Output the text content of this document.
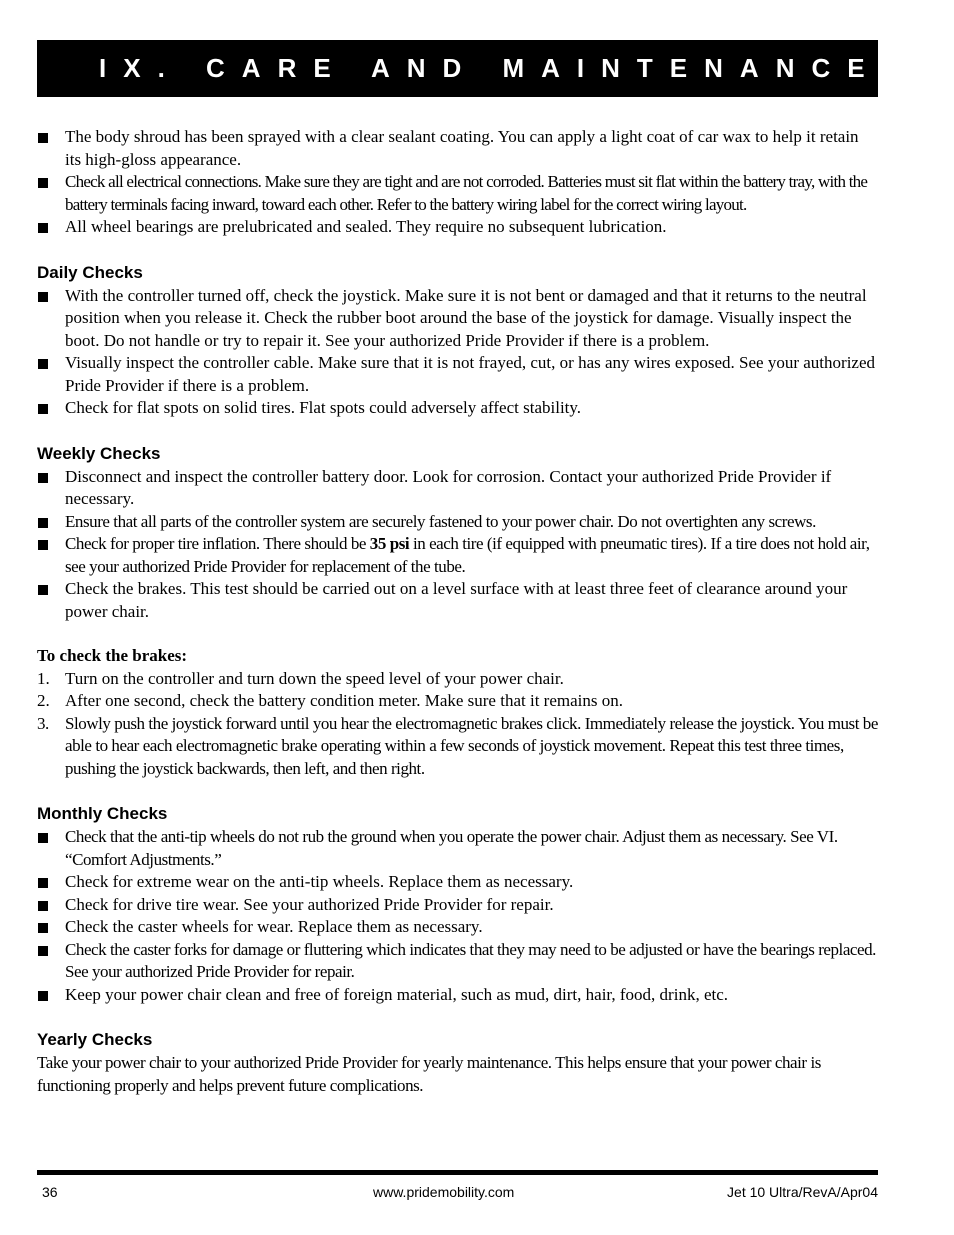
IX. CARE AND MAINTENANCE
The body shroud has been sprayed with a clear sealant coating. You can apply a light coat of car wax to help it retain its high-gloss appearance.
Check all electrical connections. Make sure they are tight and are not corroded. Batteries must sit flat within the battery tray, with the battery terminals facing inward, toward each other. Refer to the battery wiring label for the correct wiring layout.
All wheel bearings are prelubricated and sealed. They require no subsequent lubrication.
Daily Checks
With the controller turned off, check the joystick. Make sure it is not bent or damaged and that it returns to the neutral position when you release it. Check the rubber boot around the base of the joystick for damage. Visually inspect the boot. Do not handle or try to repair it. See your authorized Pride Provider if there is a problem.
Visually inspect the controller cable. Make sure that it is not frayed, cut, or has any wires exposed. See your authorized Pride Provider if there is a problem.
Check for flat spots on solid tires. Flat spots could adversely affect stability.
Weekly Checks
Disconnect and inspect the controller battery door. Look for corrosion. Contact your authorized Pride Provider if necessary.
Ensure that all parts of the controller system are securely fastened to your power chair. Do not overtighten any screws.
Check for proper tire inflation. There should be 35 psi in each tire (if equipped with pneumatic tires). If a tire does not hold air, see your authorized Pride Provider for replacement of the tube.
Check the brakes. This test should be carried out on a level surface with at least three feet of clearance around your power chair.
To check the brakes:
1. Turn on the controller and turn down the speed level of your power chair.
2. After one second, check the battery condition meter. Make sure that it remains on.
3. Slowly push the joystick forward until you hear the electromagnetic brakes click. Immediately release the joystick. You must be able to hear each electromagnetic brake operating within a few seconds of joystick movement. Repeat this test three times, pushing the joystick backwards, then left, and then right.
Monthly Checks
Check that the anti-tip wheels do not rub the ground when you operate the power chair. Adjust them as necessary. See VI. “Comfort Adjustments.”
Check for extreme wear on the anti-tip wheels. Replace them as necessary.
Check for drive tire wear. See your authorized Pride Provider for repair.
Check the caster wheels for wear. Replace them as necessary.
Check the caster forks for damage or fluttering which indicates that they may need to be adjusted or have the bearings replaced. See your authorized Pride Provider for repair.
Keep your power chair clean and free of foreign material, such as mud, dirt, hair, food, drink, etc.
Yearly Checks

Take your power chair to your authorized Pride Provider for yearly maintenance. This helps ensure that your power chair is functioning properly and helps prevent future complications.

36	www.pridemobility.com	Jet 10 Ultra/RevA/Apr04
